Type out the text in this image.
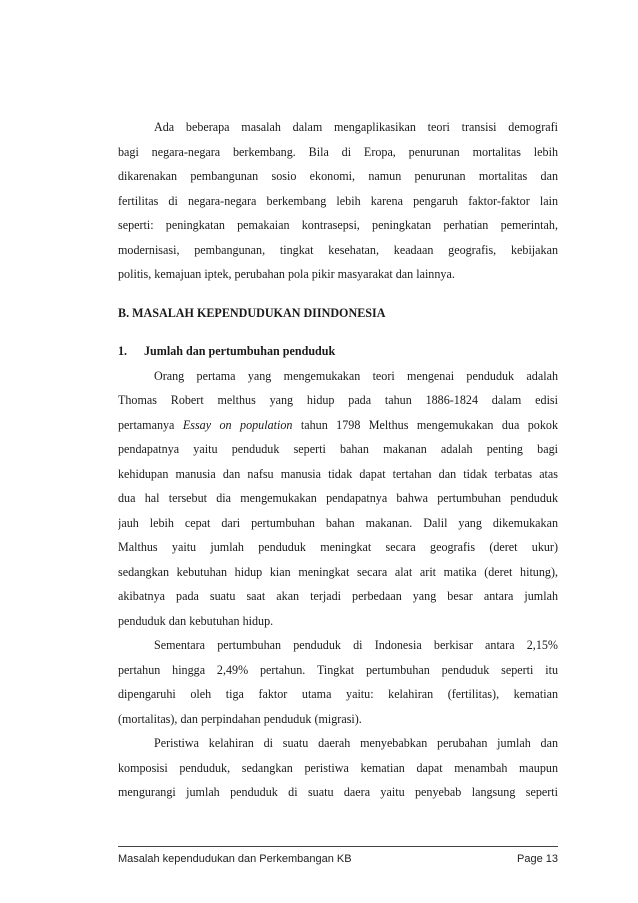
Ada beberapa masalah dalam mengaplikasikan teori transisi demografi
bagi negara-negara berkembang. Bila di Eropa, penurunan mortalitas lebih
dikarenakan pembangunan sosio ekonomi, namun penurunan mortalitas dan
fertilitas di negara-negara berkembang lebih karena pengaruh faktor-faktor lain
seperti: peningkatan pemakaian kontrasepsi, peningkatan perhatian pemerintah,
modernisasi, pembangunan, tingkat kesehatan, keadaan geografis, kebijakan
politis, kemajuan iptek, perubahan pola pikir masyarakat dan lainnya.
B. MASALAH KEPENDUDUKAN DIINDONESIA
1. Jumlah dan pertumbuhan penduduk
Orang pertama yang mengemukakan teori mengenai penduduk adalah
Thomas Robert melthus yang hidup pada tahun 1886-1824 dalam edisi
pertamanya Essay on population tahun 1798 Melthus mengemukakan dua pokok
pendapatnya yaitu penduduk seperti bahan makanan adalah penting bagi
kehidupan manusia dan nafsu manusia tidak dapat tertahan dan tidak terbatas atas
dua hal tersebut dia mengemukakan pendapatnya bahwa pertumbuhan penduduk
jauh lebih cepat dari pertumbuhan bahan makanan. Dalil yang dikemukakan
Malthus yaitu jumlah penduduk meningkat secara geografis (deret ukur)
sedangkan kebutuhan hidup kian meningkat secara alat arit matika (deret hitung),
akibatnya pada suatu saat akan terjadi perbedaan yang besar antara jumlah
penduduk dan kebutuhan hidup.
Sementara pertumbuhan penduduk di Indonesia berkisar antara 2,15%
pertahun hingga 2,49% pertahun. Tingkat pertumbuhan penduduk seperti itu
dipengaruhi oleh tiga faktor utama yaitu: kelahiran (fertilitas), kematian
(mortalitas), dan perpindahan penduduk (migrasi).
Peristiwa kelahiran di suatu daerah menyebabkan perubahan jumlah dan
komposisi penduduk, sedangkan peristiwa kematian dapat menambah maupun
mengurangi jumlah penduduk di suatu daera yaitu penyebab langsung seperti
Masalah kependudukan dan Perkembangan KB	Page 13
